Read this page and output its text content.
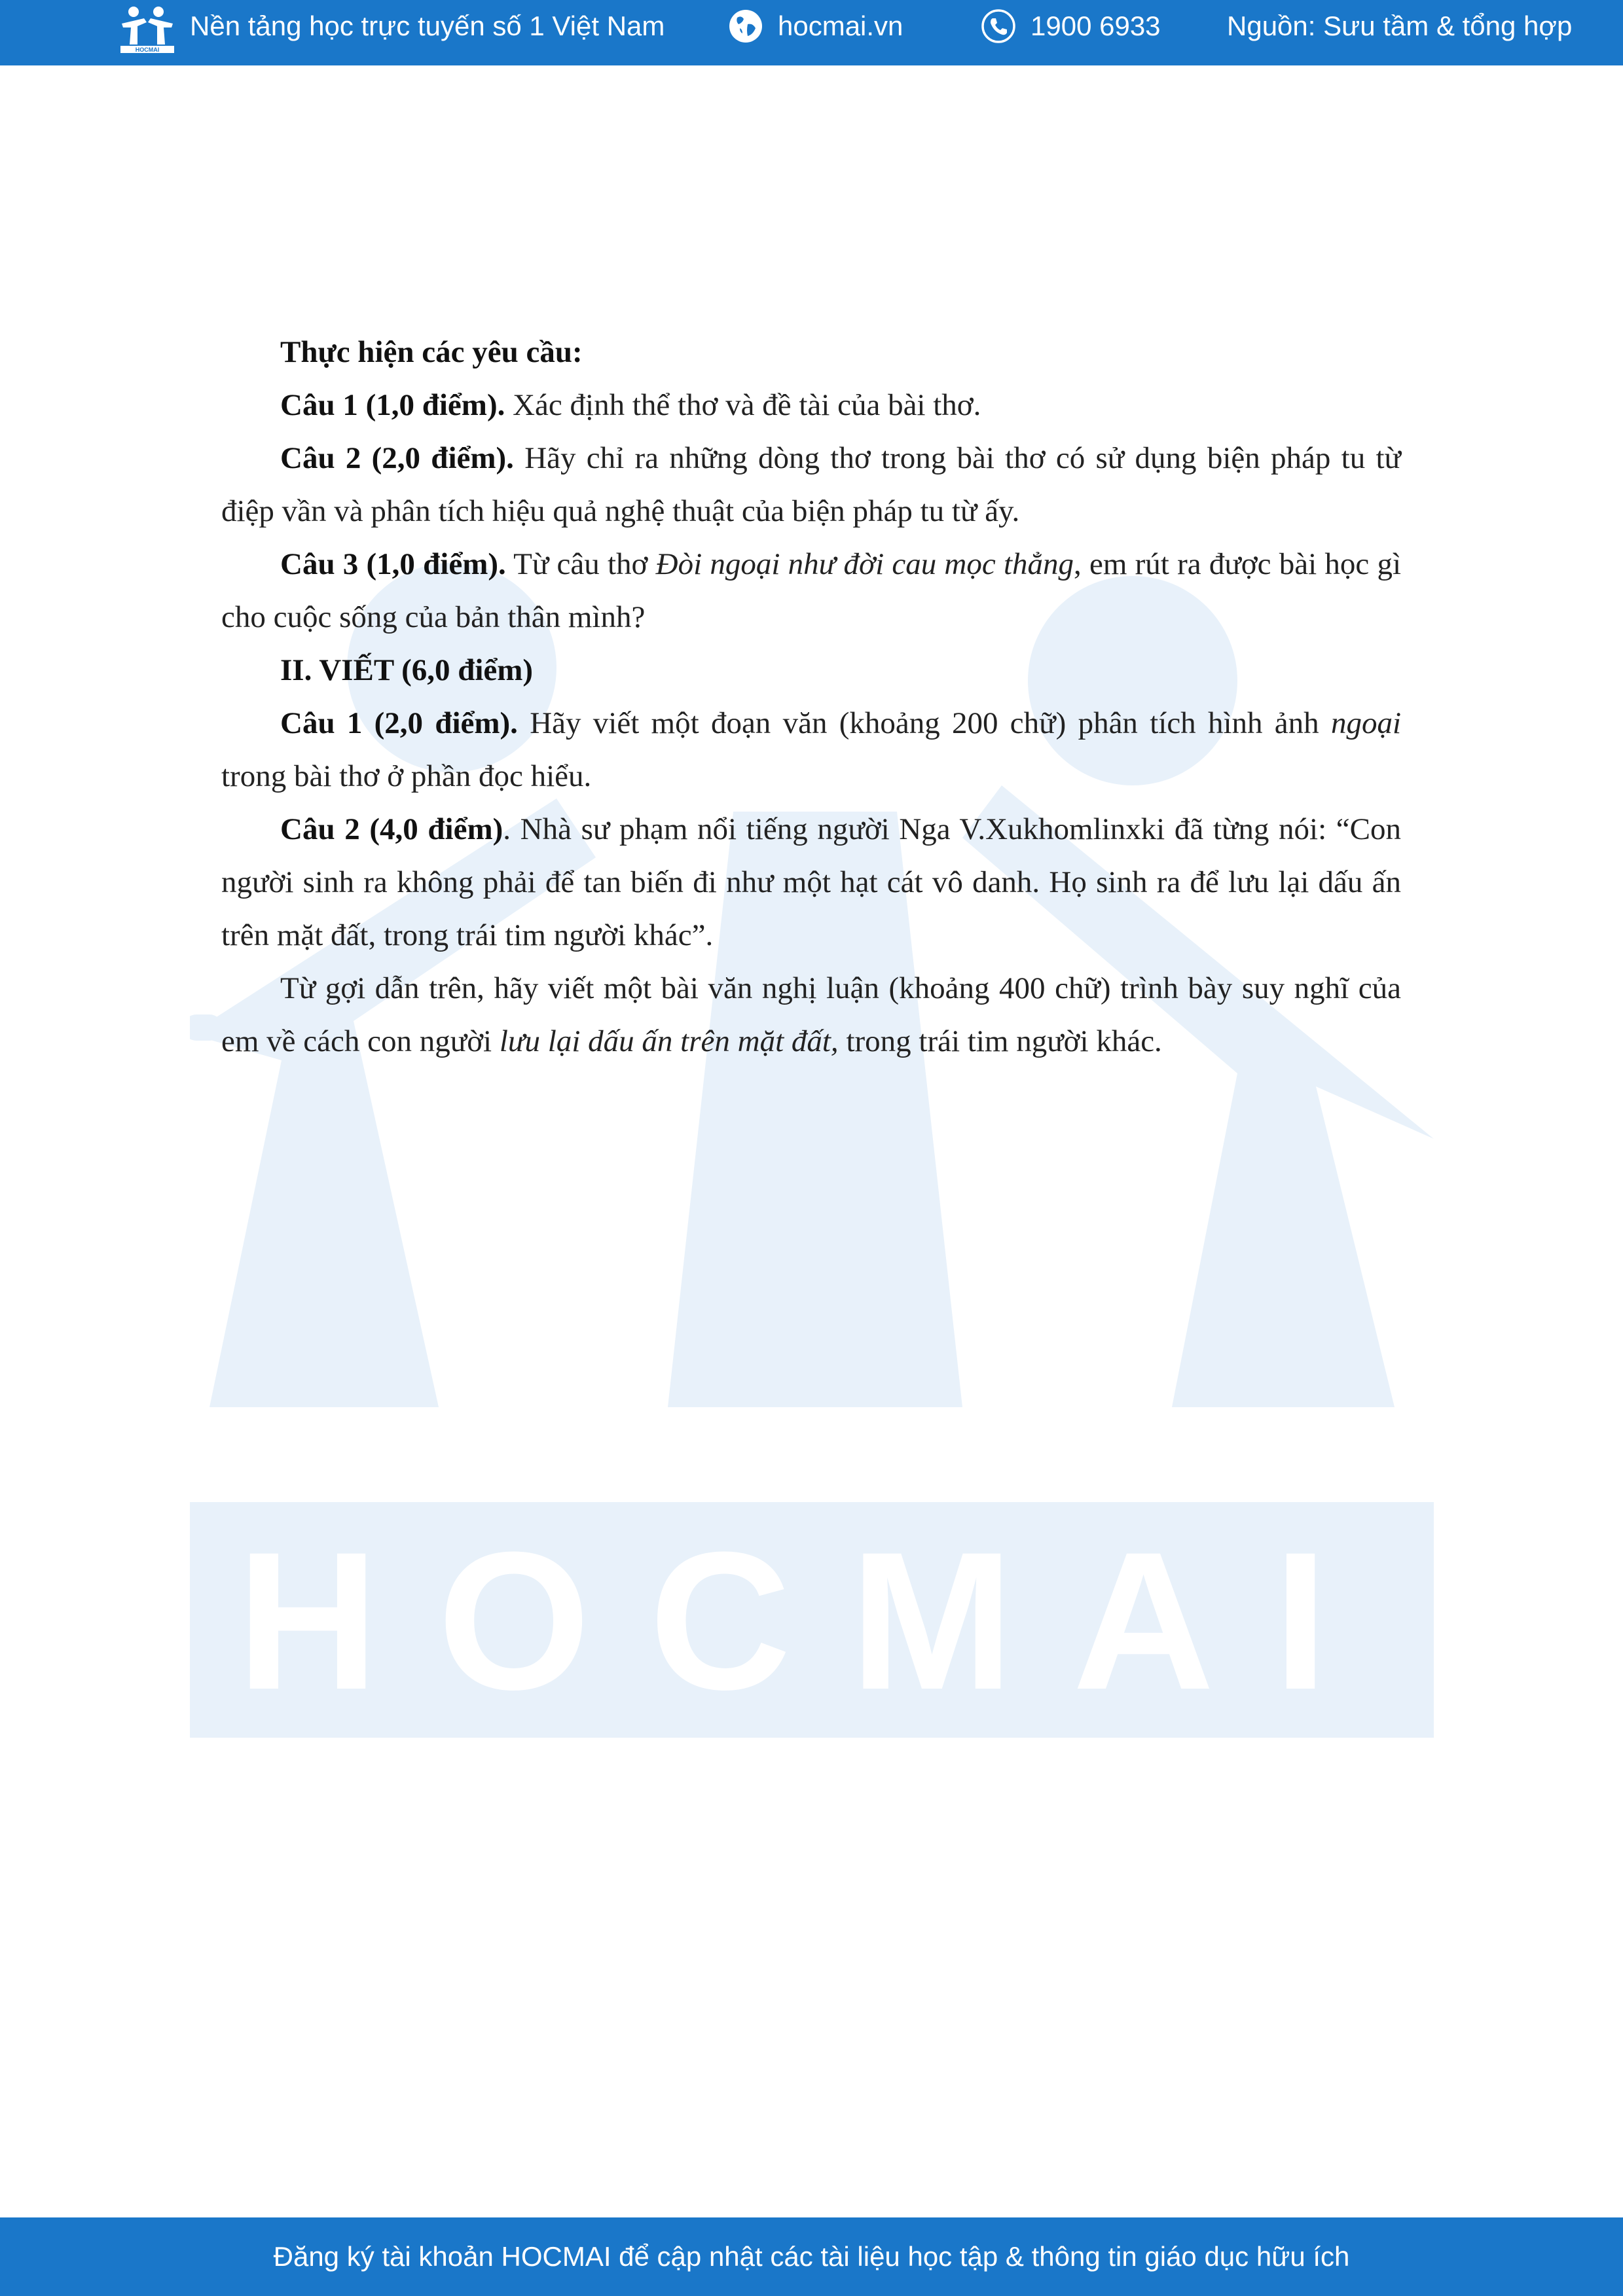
HOCMAI
Nền tảng học trực tuyến số 1 Việt Nam	hocmai.vn	1900 6933 Nguồn: Sưu tầm & tổng hợp
HOCMAI

Thực hiện các yêu cầu:

Câu 1 (1,0 điểm). Xác định thể thơ và đề tài của bài thơ.

Câu 2 (2,0 điểm). Hãy chỉ ra những dòng thơ trong bài thơ có sử dụng biện pháp tu từ điệp vần và phân tích hiệu quả nghệ thuật của biện pháp tu từ ấy.

Câu 3 (1,0 điểm). Từ câu thơ Đòi ngoại như đời cau mọc thẳng, em rút ra được bài học gì cho cuộc sống của bản thân mình?

II. VIẾT (6,0 điểm)

Câu 1 (2,0 điểm). Hãy viết một đoạn văn (khoảng 200 chữ) phân tích hình ảnh ngoại trong bài thơ ở phần đọc hiểu.

Câu 2 (4,0 điểm). Nhà sư phạm nổi tiếng người Nga V.Xukhomlinxki đã từng nói: “Con người sinh ra không phải để tan biến đi như một hạt cát vô danh. Họ sinh ra để lưu lại dấu ấn trên mặt đất, trong trái tim người khác”.

Từ gợi dẫn trên, hãy viết một bài văn nghị luận (khoảng 400 chữ) trình bày suy nghĩ của em về cách con người lưu lại dấu ấn trên mặt đất, trong trái tim người khác.

Đăng ký tài khoản HOCMAI để cập nhật các tài liệu học tập & thông tin giáo dục hữu ích
